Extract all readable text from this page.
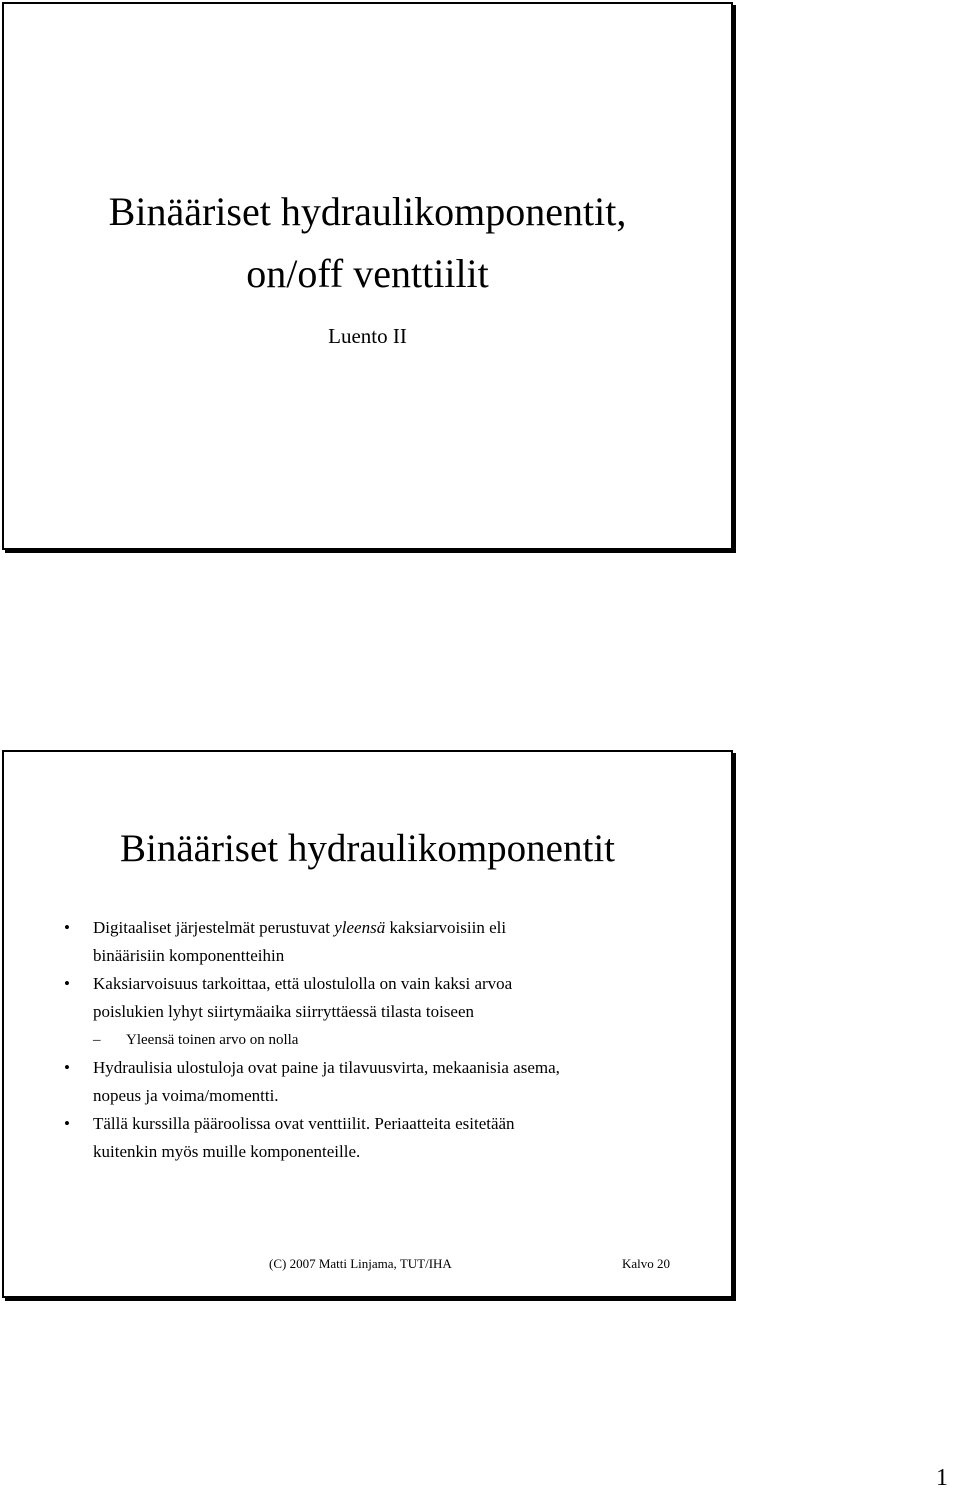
Binääriset hydraulikomponentit,
on/off venttiilit
Luento II
Binääriset hydraulikomponentit
• Digitaaliset järjestelmät perustuvat yleensä kaksiarvoisiin eli
binäärisiin komponentteihin
• Kaksiarvoisuus tarkoittaa, että ulostulolla on vain kaksi arvoa
poislukien lyhyt siirtymäaika siirryttäessä tilasta toiseen
– Yleensä toinen arvo on nolla
• Hydraulisia ulostuloja ovat paine ja tilavuusvirta, mekaanisia asema,
nopeus ja voima/momentti.
• Tällä kurssilla pääroolissa ovat venttiilit. Periaatteita esitetään
kuitenkin myös muille komponenteille.
(C) 2007 Matti Linjama, TUT/IHA	Kalvo 20
1
